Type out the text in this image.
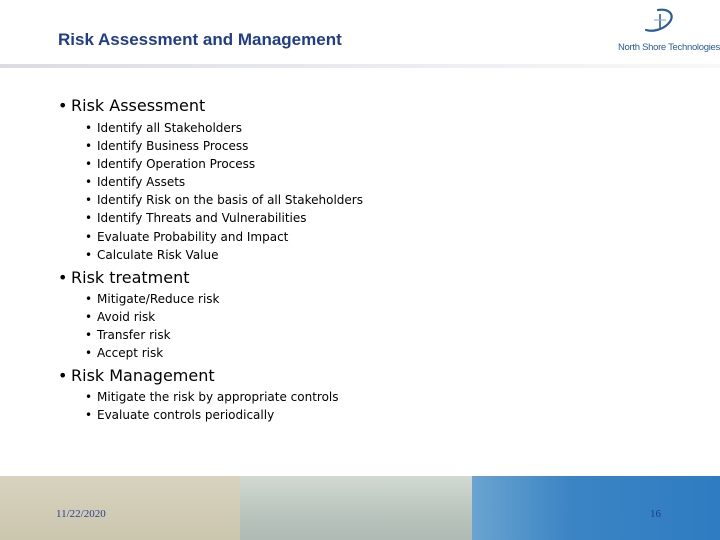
Risk Assessment and Management	North Shore Technologies
• Risk Assessment
• Identify all Stakeholders
• Identify Business Process
• Identify Operation Process
• Identify Assets
• Identify Risk on the basis of all Stakeholders
• Identify Threats and Vulnerabilities
• Evaluate Probability and Impact
• Calculate Risk Value
• Risk treatment
• Mitigate/Reduce risk
• Avoid risk
• Transfer risk
• Accept risk
• Risk Management
• Mitigate the risk by appropriate controls
• Evaluate controls periodically
11/22/2020	16
